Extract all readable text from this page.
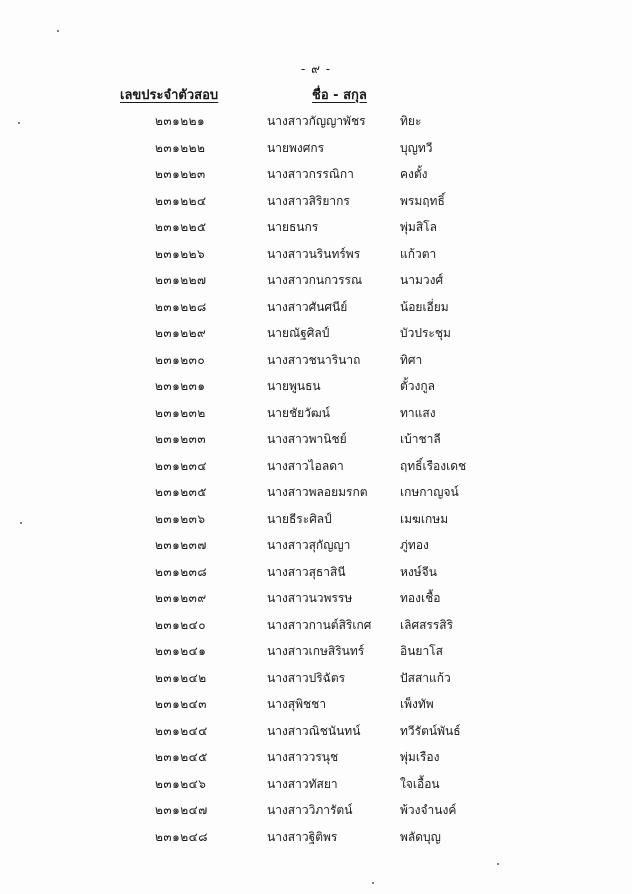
- ๙ -
เลขประจำตัวสอบ	ชื่อ - สกุล
๒๓๑๒๒๑	นางสาวกัญญาพัชร	ทิยะ
๒๓๑๒๒๒	นายพงศกร	บุญทวี
๒๓๑๒๒๓	นางสาวกรรณิกา	คงตั้ง
๒๓๑๒๒๔	นางสาวสิริยากร	พรมฤทธิ์
๒๓๑๒๒๕	นายธนกร	พุ่มสิโล
๒๓๑๒๒๖	นางสาวนรินทร์พร	แก้วตา
๒๓๑๒๒๗	นางสาวกนกวรรณ	นามวงศ์
๒๓๑๒๒๘	นางสาวศันศนีย์	น้อยเอี่ยม
๒๓๑๒๒๙	นายณัฐศิลป์	บัวประชุม
๒๓๑๒๓๐	นางสาวชนารินาถ	ทิศา
๒๓๑๒๓๑	นายพูนธน	ตั้วงกูล
๒๓๑๒๓๒	นายชัยวัฒน์	ทาแสง
๒๓๑๒๓๓	นางสาวพานิชย์	เบ้าชาลี
๒๓๑๒๓๔	นางสาวไอลดา	ฤทธิ์เรืองเดช
๒๓๑๒๓๕	นางสาวพลอยมรกต	เกษกาญจน์
๒๓๑๒๓๖	นายธีระศิลป์	เมฆเกษม
๒๓๑๒๓๗	นางสาวสุกัญญา	ภู่ทอง
๒๓๑๒๓๘	นางสาวสุธาสินี	หงษ์จีน
๒๓๑๒๓๙	นางสาวนวพรรษ	ทองเชื้อ
๒๓๑๒๔๐	นางสาวกานต์สิริเกศ เลิศสรรสิริ
๒๓๑๒๔๑	นางสาวเกษสิรินทร์	อินยาโส
๒๓๑๒๔๒	นางสาวปริฉัตร	ปัสสาแก้ว
๒๓๑๒๔๓	นางสุพิชชา	เพ็งทัพ
๒๓๑๒๔๔	นางสาวณิชนันทน์	ทวีรัตน์พันธ์
๒๓๑๒๔๕	นางสาววรนุช	พุ่มเรือง
๒๓๑๒๔๖	นางสาวทัสยา	ใจเอื้อน
๒๓๑๒๔๗	นางสาววิภารัตน์	พ้วงจำนงค์
๒๓๑๒๔๘	นางสาวฐิติพร	พลัดบุญ
